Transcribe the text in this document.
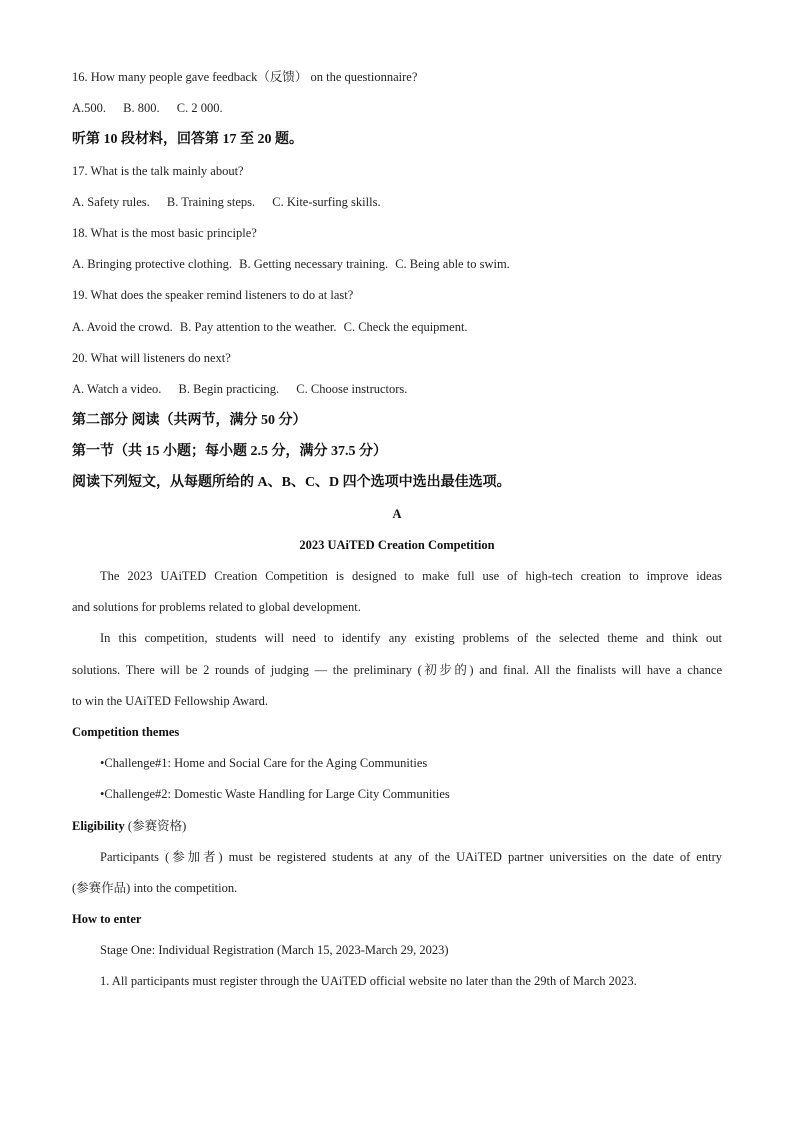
16. How many people gave feedback（反馈） on the questionnaire?
A.500. B. 800. C. 2 000.
听第 10 段材料，回答第 17 至 20 题。
17. What is the talk mainly about?
A. Safety rules. B. Training steps. C. Kite-surfing skills.
18. What is the most basic principle?
A. Bringing protective clothing. B. Getting necessary training. C. Being able to swim.
19. What does the speaker remind listeners to do at last?
A. Avoid the crowd. B. Pay attention to the weather. C. Check the equipment.
20. What will listeners do next?
A. Watch a video. B. Begin practicing. C. Choose instructors.
第二部分 阅读（共两节，满分 50 分）
第一节（共 15 小题；每小题 2.5 分，满分 37.5 分）
阅读下列短文，从每题所给的 A、B、C、D 四个选项中选出最佳选项。
A
2023 UAiTED Creation Competition
The 2023 UAiTED Creation Competition is designed to make full use of high-tech creation to improve ideas
and solutions for problems related to global development.
In this competition, students will need to identify any existing problems of the selected theme and think out
solutions. There will be 2 rounds of judging — the preliminary (初步的) and final. All the finalists will have a chance
to win the UAiTED Fellowship Award.
Competition themes
•Challenge#1: Home and Social Care for the Aging Communities
•Challenge#2: Domestic Waste Handling for Large City Communities
Eligibility (参赛资格)
Participants (参加者) must be registered students at any of the UAiTED partner universities on the date of entry
(参赛作品) into the competition.
How to enter
Stage One: Individual Registration (March 15, 2023-March 29, 2023)
1. All participants must register through the UAiTED official website no later than the 29th of March 2023.
